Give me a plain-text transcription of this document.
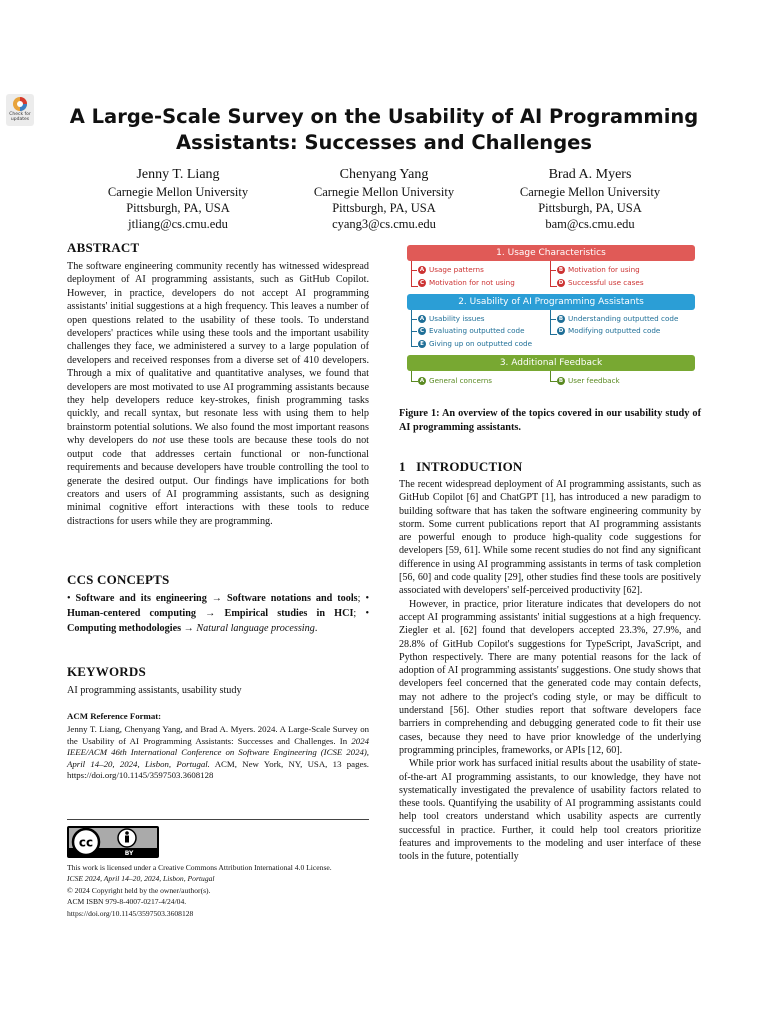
Check for updates	A Large-Scale Survey on the Usability of AI Programming Assistants: Successes and Challenges
Jenny T. Liang
Carnegie Mellon University
Pittsburgh, PA, USA
jtliang@cs.cmu.edu
Chenyang Yang
Carnegie Mellon University
Pittsburgh, PA, USA
cyang3@cs.cmu.edu
Brad A. Myers
Carnegie Mellon University
Pittsburgh, PA, USA
bam@cs.cmu.edu
ABSTRACT
The software engineering community recently has witnessed widespread deployment of AI programming assistants, such as GitHub Copilot. However, in practice, developers do not accept AI programming assistants' initial suggestions at a high frequency. This leaves a number of open questions related to the usability of these tools. To understand developers' practices while using these tools and the important usability challenges they face, we administered a survey to a large population of developers and received responses from a diverse set of 410 developers. Through a mix of qualitative and quantitative analyses, we found that developers are most motivated to use AI programming assistants because they help developers reduce key-strokes, finish programming tasks quickly, and recall syntax, but resonate less with using them to help brainstorm potential solutions. We also found the most important reasons why developers do not use these tools are because these tools do not output code that addresses certain functional or non-functional requirements and because developers have trouble controlling the tool to generate the desired output. Our findings have implications for both creators and users of AI programming assistants, such as designing minimal cognitive effort interactions with these tools to reduce distractions for users while they are programming.
CCS CONCEPTS
• Software and its engineering → Software notations and tools; • Human-centered computing → Empirical studies in HCI; • Computing methodologies → Natural language processing.
KEYWORDS
AI programming assistants, usability study
ACM Reference Format:
Jenny T. Liang, Chenyang Yang, and Brad A. Myers. 2024. A Large-Scale Survey on the Usability of AI Programming Assistants: Successes and Challenges. In 2024 IEEE/ACM 46th International Conference on Software Engineering (ICSE 2024), April 14–20, 2024, Lisbon, Portugal. ACM, New York, NY, USA, 13 pages. https://doi.org/10.1145/3597503.3608128
cc
BY
This work is licensed under a Creative Commons Attribution International 4.0 License.
ICSE 2024, April 14–20, 2024, Lisbon, Portugal
© 2024 Copyright held by the owner/author(s).
ACM ISBN 979-8-4007-0217-4/24/04.
https://doi.org/10.1145/3597503.3608128
1. Usage Characteristics
A Usage patterns
C Motivation for not using
B Motivation for using
D Successful use cases
2. Usability of AI Programming Assistants
A Usability issues
C Evaluating outputted code
E Giving up on outputted code
B Understanding outputted code
D Modifying outputted code
3. Additional Feedback
A General concerns	B User feedback
Figure 1: An overview of the topics covered in our usability study of AI programming assistants.
1 INTRODUCTION
The recent widespread deployment of AI programming assistants, such as GitHub Copilot [6] and ChatGPT [1], has introduced a new paradigm to building software that has taken the software engineering community by storm. Some current publications report that AI programming assistants are powerful enough to produce high-quality code suggestions for developers [59, 61]. While some recent studies do not find any significant difference in using AI programming assistants in terms of task completion [56, 60] and code quality [29], other studies find these tools are positively associated with developers' self-perceived productivity [62].
However, in practice, prior literature indicates that developers do not accept AI programming assistants' initial suggestions at a high frequency. Ziegler et al. [62] found that developers accepted 23.3%, 27.9%, and 28.8% of GitHub Copilot's suggestions for TypeScript, JavaScript, and Python respectively. There are many potential reasons for the lack of adoption of AI programming assistants' suggestions. One study shows that developers feel concerned that the generated code may contain defects, may not adhere to the project's coding style, or may be difficult to understand [56]. Other studies report that software developers face barriers in comprehending and debugging generated code to fit their use cases, because they need to have prior knowledge of the underlying programming principles, frameworks, or APIs [12, 60].
While prior work has surfaced initial results about the usability of state-of-the-art AI programming assistants, to our knowledge, they have not systematically investigated the prevalence of usability factors related to these tools. Quantifying the usability of AI programming assistants could help tool creators understand which usability aspects are currently successful in practice. Further, it could help tool creators prioritize features and improvements to the modeling and user interface of these tools in the future, potentially
